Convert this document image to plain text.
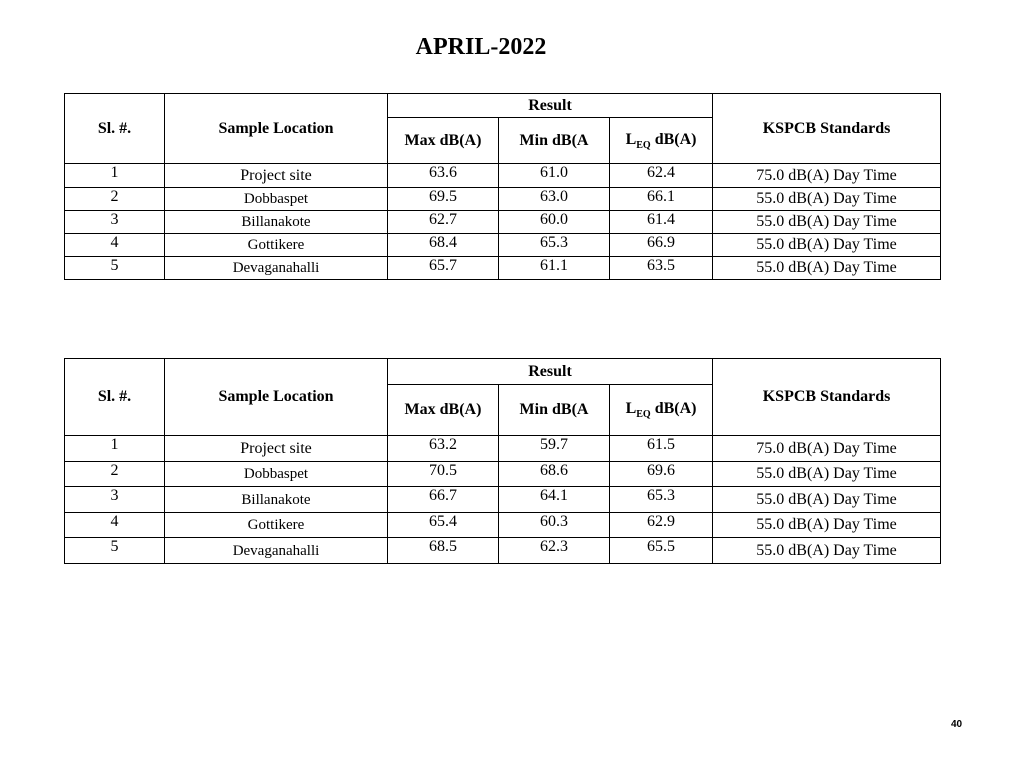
APRIL-2022
Sl. #.	Sample Location	Result			KSPCB Standards
		Max dB(A)	Min dB(A	$L_{EQ}$ dB(A)	
1	Project site	63.6	61.0	62.4	75.0 dB(A) Day Time
2	Dobbaspet	69.5	63.0	66.1	55.0 dB(A) Day Time
3	Billanakote	62.7	60.0	61.4	55.0 dB(A) Day Time
4	Gottikere	68.4	65.3	66.9	55.0 dB(A) Day Time
5	Devaganahalli	65.7	61.1	63.5	55.0 dB(A) Day Time
Sl. #.	Sample Location	Result			KSPCB Standards
		Max dB(A)	Min dB(A	$L_{EQ}$ dB(A)	
1	Project site	63.2	59.7	61.5	75.0 dB(A) Day Time
2	Dobbaspet	70.5	68.6	69.6	55.0 dB(A) Day Time
3	Billanakote	66.7	64.1	65.3	55.0 dB(A) Day Time
4	Gottikere	65.4	60.3	62.9	55.0 dB(A) Day Time
5	Devaganahalli	68.5	62.3	65.5	55.0 dB(A) Day Time
40
